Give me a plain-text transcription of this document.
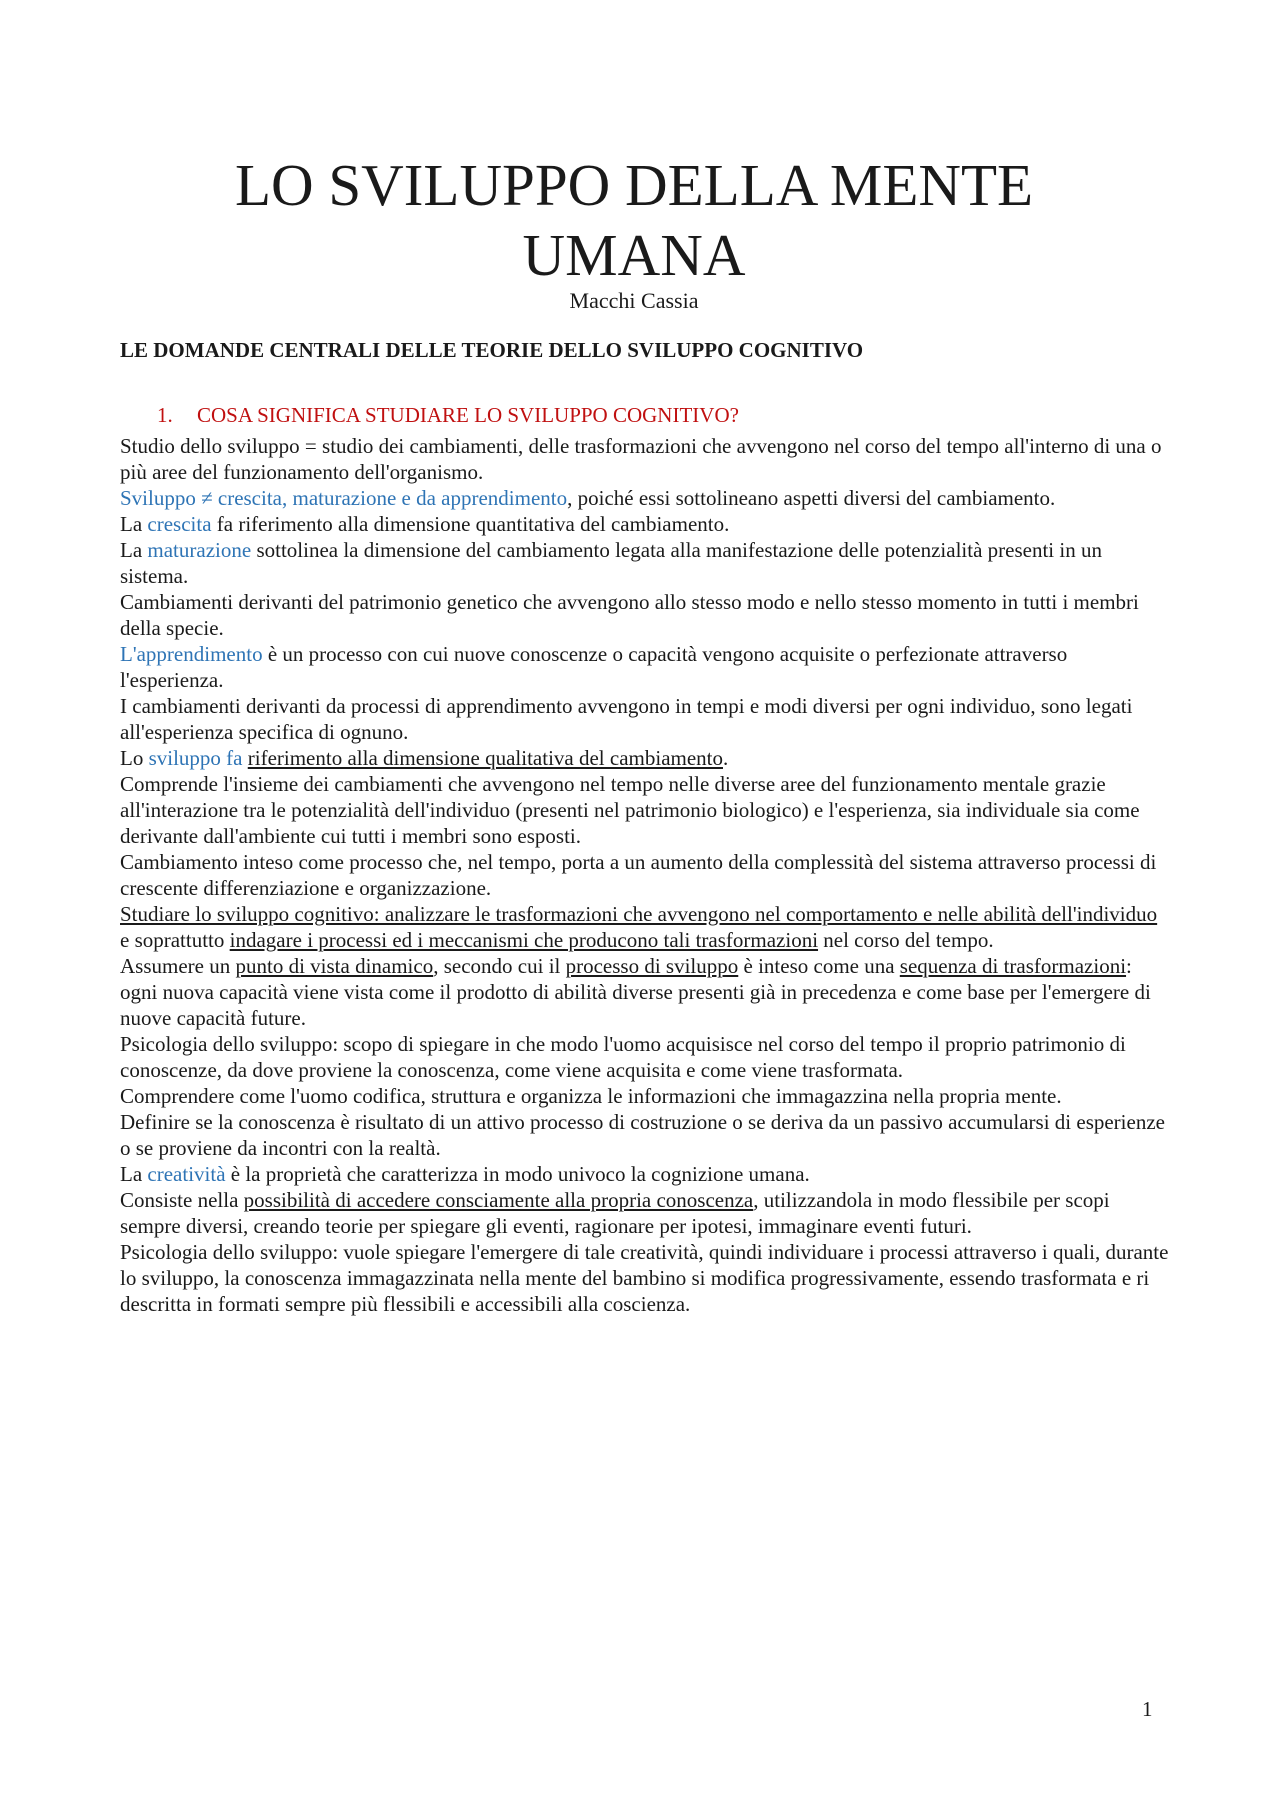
LO SVILUPPO DELLA MENTE
UMANA
Macchi Cassia
LE DOMANDE CENTRALI DELLE TEORIE DELLO SVILUPPO COGNITIVO
1. COSA SIGNIFICA STUDIARE LO SVILUPPO COGNITIVO?

Studio dello sviluppo = studio dei cambiamenti, delle trasformazioni che avvengono nel corso del tempo all'interno di una o più aree del funzionamento dell'organismo.

Sviluppo ≠ crescita, maturazione e da apprendimento, poiché essi sottolineano aspetti diversi del cambiamento.

La crescita fa riferimento alla dimensione quantitativa del cambiamento.

La maturazione sottolinea la dimensione del cambiamento legata alla manifestazione delle potenzialità presenti in un sistema.

Cambiamenti derivanti del patrimonio genetico che avvengono allo stesso modo e nello stesso momento in tutti i membri della specie.

L'apprendimento è un processo con cui nuove conoscenze o capacità vengono acquisite o perfezionate attraverso l'esperienza.

I cambiamenti derivanti da processi di apprendimento avvengono in tempi e modi diversi per ogni individuo, sono legati all'esperienza specifica di ognuno.

Lo sviluppo fa riferimento alla dimensione qualitativa del cambiamento.

Comprende l'insieme dei cambiamenti che avvengono nel tempo nelle diverse aree del funzionamento mentale grazie all'interazione tra le potenzialità dell'individuo (presenti nel patrimonio biologico) e l'esperienza, sia individuale sia come derivante dall'ambiente cui tutti i membri sono esposti.

Cambiamento inteso come processo che, nel tempo, porta a un aumento della complessità del sistema attraverso processi di crescente differenziazione e organizzazione.

Studiare lo sviluppo cognitivo: analizzare le trasformazioni che avvengono nel comportamento e nelle abilità dell'individuo e soprattutto indagare i processi ed i meccanismi che producono tali trasformazioni nel corso del tempo.

Assumere un punto di vista dinamico, secondo cui il processo di sviluppo è inteso come una sequenza di trasformazioni: ogni nuova capacità viene vista come il prodotto di abilità diverse presenti già in precedenza e come base per l'emergere di nuove capacità future.

Psicologia dello sviluppo: scopo di spiegare in che modo l'uomo acquisisce nel corso del tempo il proprio patrimonio di conoscenze, da dove proviene la conoscenza, come viene acquisita e come viene trasformata.

Comprendere come l'uomo codifica, struttura e organizza le informazioni che immagazzina nella propria mente.

Definire se la conoscenza è risultato di un attivo processo di costruzione o se deriva da un passivo accumularsi di esperienze o se proviene da incontri con la realtà.

La creatività è la proprietà che caratterizza in modo univoco la cognizione umana.

Consiste nella possibilità di accedere consciamente alla propria conoscenza, utilizzandola in modo flessibile per scopi sempre diversi, creando teorie per spiegare gli eventi, ragionare per ipotesi, immaginare eventi futuri.

Psicologia dello sviluppo: vuole spiegare l'emergere di tale creatività, quindi individuare i processi attraverso i quali, durante lo sviluppo, la conoscenza immagazzinata nella mente del bambino si modifica progressivamente, essendo trasformata e ri descritta in formati sempre più flessibili e accessibili alla coscienza.

1
